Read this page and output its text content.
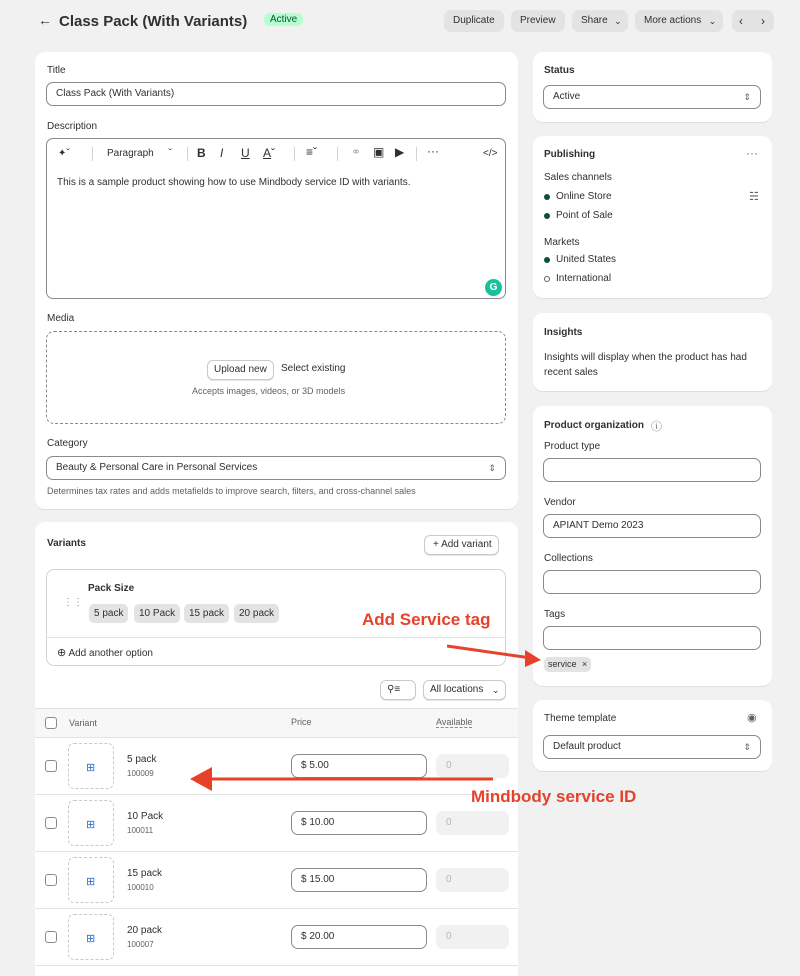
← Class Pack (With Variants)	Active	Duplicate	Preview	Share ⌄	More actions ⌄ ‹ ›
Title
Class Pack (With Variants)
Description
✦ˇ	Paragraph ˇ B I U Aˇ	≡ˇ	⚭ ▣ ▶ ···	</>
This is a sample product showing how to use Mindbody service ID with variants.
G
Media
Upload new	Select existing
Accepts images, videos, or 3D models
Category
Beauty & Personal Care in Personal Services	⇕
Determines tax rates and adds metafields to improve search, filters, and cross-channel sales
Variants	+ Add variant
⋮⋮
Pack Size
⊕ Add another option
5 pack	10 Pack	15 pack	20 pack
⚲≡	All locations ⌄
Variant	Price	Available
⊞
5 pack
100009
$ 5.00	0
⊞
10 Pack
100011
$ 10.00	0
⊞
15 pack
100010
$ 15.00	0
⊞
20 pack
100007
$ 20.00	0
Status
Active	⇕
Publishing	···
Sales channels
☵
Online Store
Point of Sale
Markets
United States
International
Insights
Insights will display when the product has had recent sales
Product organization ⓘ
Product type
Vendor
APIANT Demo 2023
Collections
Tags
service ×
Theme template	◉
Default product	⇕
Add Service tag
Mindbody service ID
